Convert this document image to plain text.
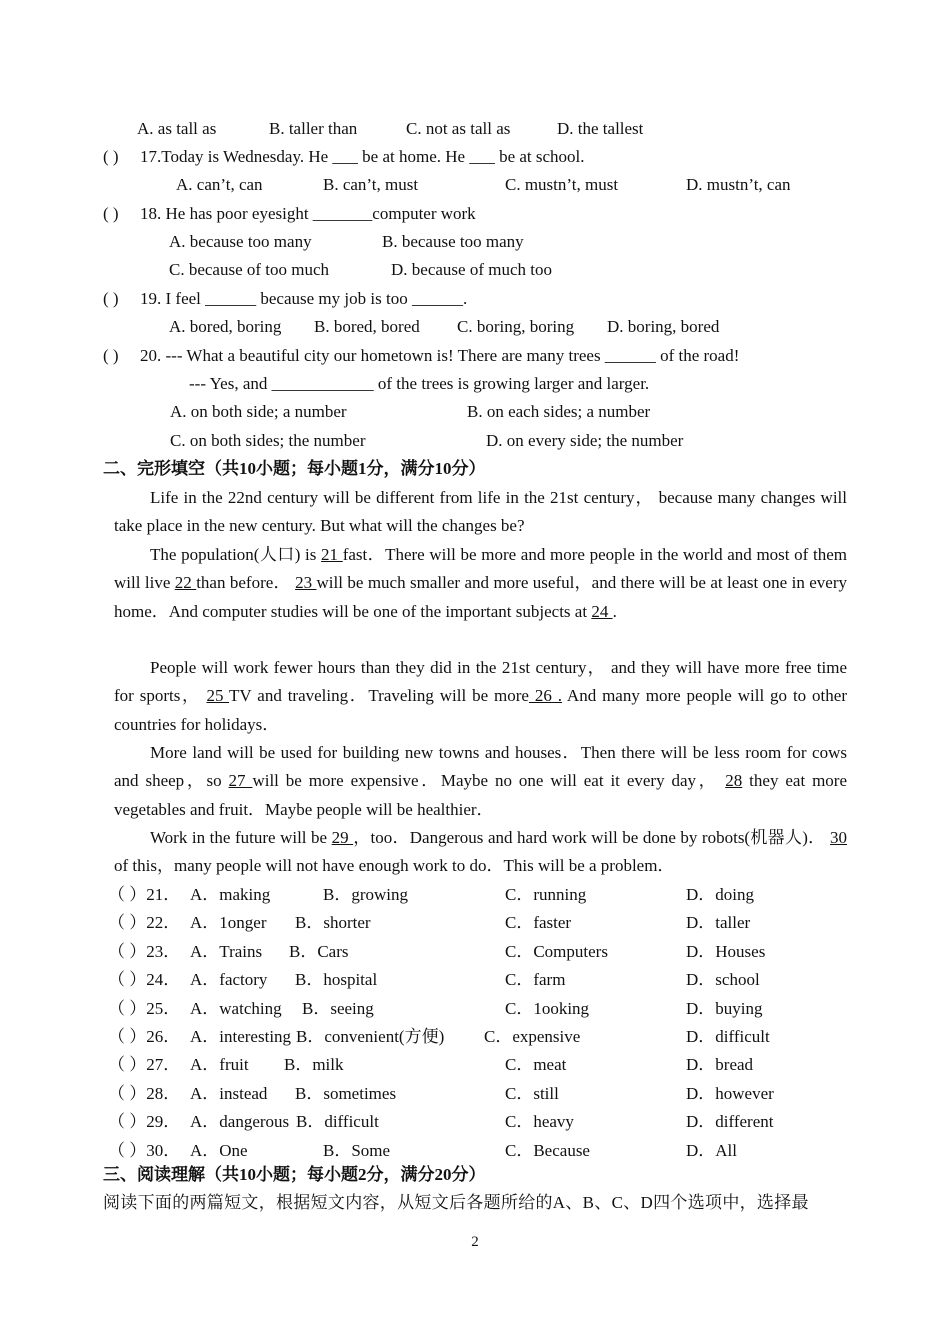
A. as tall as	B. taller than	C. not as tall as	D. the tallest
( ) 17.Today is Wednesday. He ___ be at home. He ___ be at school.
A. can’t, can	B. can’t, must	C. mustn’t, must	D. mustn’t, can
( ) 18. He has poor eyesight _______computer work
A. because too many	B. because too many
C. because of too much	D. because of much too
( ) 19. I feel ______ because my job is too ______.
A. bored, boring B. bored, bored C. boring, boring D. boring, bored
( ) 20. --- What a beautiful city our hometown is! There are many trees ______ of the road!
--- Yes, and ____________ of the trees is growing larger and larger.
A. on both side; a number	B. on each sides; a number
C. on both sides; the number	D. on every side; the number
二、完形填空（共10小题；每小题1分，满分10分）
Life in the 22nd century will be different from life in the 21st century， because many changes will take place in the new century. But what will the changes be?
The population(人口) is 21 fast．There will be more and more people in the world and most of them will live 22 than before． 23 will be much smaller and more useful，and there will be at least one in every home．And computer studies will be one of the important subjects at 24 .
People will work fewer hours than they did in the 21st century， and they will have more free time for sports， 25 TV and traveling．Traveling will be more 26 . And many more people will go to other countries for holidays．
More land will be used for building new towns and houses．Then there will be less room for cows and sheep，so 27 will be more expensive．Maybe no one will eat it every day， 28 they eat more vegetables and fruit．Maybe people will be healthier．
Work in the future will be 29 ，too．Dangerous and hard work will be done by robots(机器人)． 30 of this，many people will not have enough work to do．This will be a problem．
（ ）21． A．making	B．growing	C．running	D．doing
（ ）22． A．1onger B．shorter	C．faster	D．taller
（ ）23． A．Trains B．Cars	C．Computers	D．Houses
（ ）24． A．factory B．hospital	C．farm	D．school
（ ）25． A．watching B．seeing	C．1ooking	D．buying
（ ）26． A．interesting B．convenient(方便) C．expensive	D．difficult
（ ）27． A．fruit B．milk	C．meat	D．bread
（ ）28． A．instead B．sometimes	C．still	D．however
（ ）29． A．dangerous B．difficult	C．heavy	D．different
（ ）30． A．One	B．Some	C．Because	D．All
三、阅读理解（共10小题；每小题2分，满分20分）
阅读下面的两篇短文，根据短文内容，从短文后各题所给的A、B、C、D四个选项中，选择最
2
